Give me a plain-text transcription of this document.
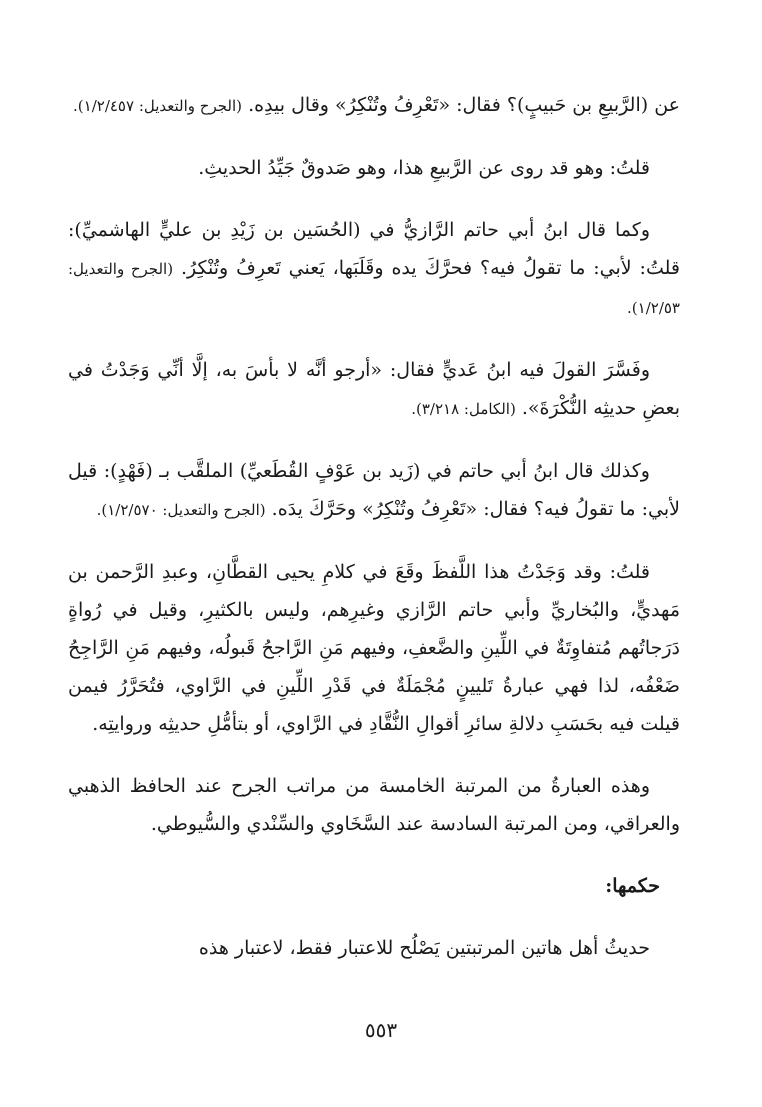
عن (الرَّبيعِ بن حَبيبٍ)؟ فقال: «تَعْرِفُ وتُنْكِرُ» وقال بيدِه. (الجرح والتعديل: ١/٢/٤٥٧).

قلتُ: وهو قد روى عن الرَّبيعِ هذا، وهو صَدوقٌ جَيِّدُ الحديثِ.

وكما قال ابنُ أبي حاتم الرَّازيُّ في (الحُسَين بن زَيْدِ بن عليٍّ الهاشميِّ): قلتُ: لأبي: ما تقولُ فيه؟ فحرَّكَ يده وقَلَبَها، يَعني تَعرِفُ وتُنْكِرُ. (الجرح والتعديل: ١/٢/٥٣).

وفَسَّرَ القولَ فيه ابنُ عَديٍّ فقال: «أرجو أنَّه لا بأسَ به، إلَّا أنِّي وَجَدْتُ في بعضِ حديثِه النُّكْرَةَ». (الكامل: ٣/٢١٨).

وكذلك قال ابنُ أبي حاتم في (زَيد بن عَوْفٍ القُطَعيِّ) الملقَّب بـ (فَهْدٍ): قيل لأبي: ما تقولُ فيه؟ فقال: «تَعْرِفُ وتُنْكِرُ» وحَرَّكَ يدَه. (الجرح والتعديل: ١/٢/٥٧٠).

قلتُ: وقد وَجَدْتُ هذا اللَّفظَ وقَعَ في كلامِ يحيى القطَّانِ، وعبدِ الرَّحمن بن مَهديٍّ، والبُخاريِّ وأبي حاتم الرَّازي وغيرِهم، وليس بالكثيرِ، وقيل في رُواةٍ دَرَجاتُهم مُتفاوِتَةٌ في اللِّينِ والضَّعفِ، وفيهم مَنِ الرَّاجحُ قَبولُه، وفيهم مَنِ الرَّاجِحُ ضَعْفُه، لذا فهي عبارةُ تَليينٍ مُجْمَلَةٌ في قَدْرِ اللِّينِ في الرَّاوي، فتُحَرَّرُ فيمن قيلت فيه بحَسَبِ دلالةِ سائرِ أقوالِ النُّقَّادِ في الرَّاوي، أو بتأمُّلِ حديثِه وروايتِه.

وهذه العبارةُ من المرتبة الخامسة من مراتب الجرح عند الحافظ الذهبي والعراقي، ومن المرتبة السادسة عند السَّخَاوي والسِّنْدي والسُّيوطي.

حكمها:

حديثُ أهل هاتين المرتبتين يَصْلُح للاعتبار فقط، لاعتبار هذه

٥٥٣
